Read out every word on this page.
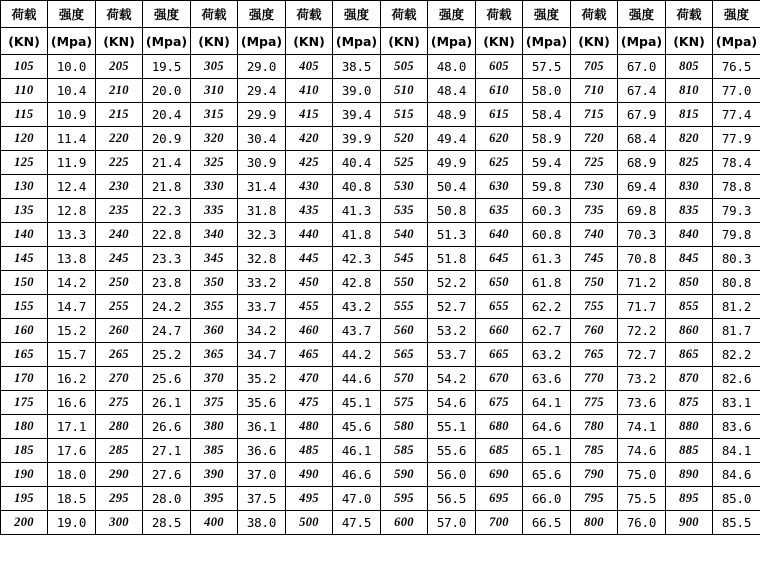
荷载	强度	荷载	强度	荷载	强度	荷载	强度	荷载	强度	荷载	强度	荷载	强度	荷载	强度
(KN)	(Mpa)	(KN)	(Mpa)	(KN)	(Mpa)	(KN)	(Mpa)	(KN)	(Mpa)	(KN)	(Mpa)	(KN)	(Mpa)	(KN)	(Mpa)
105	10.0	205	19.5	305	29.0	405	38.5	505	48.0	605	57.5	705	67.0	805	76.5
110	10.4	210	20.0	310	29.4	410	39.0	510	48.4	610	58.0	710	67.4	810	77.0
115	10.9	215	20.4	315	29.9	415	39.4	515	48.9	615	58.4	715	67.9	815	77.4
120	11.4	220	20.9	320	30.4	420	39.9	520	49.4	620	58.9	720	68.4	820	77.9
125	11.9	225	21.4	325	30.9	425	40.4	525	49.9	625	59.4	725	68.9	825	78.4
130	12.4	230	21.8	330	31.4	430	40.8	530	50.4	630	59.8	730	69.4	830	78.8
135	12.8	235	22.3	335	31.8	435	41.3	535	50.8	635	60.3	735	69.8	835	79.3
140	13.3	240	22.8	340	32.3	440	41.8	540	51.3	640	60.8	740	70.3	840	79.8
145	13.8	245	23.3	345	32.8	445	42.3	545	51.8	645	61.3	745	70.8	845	80.3
150	14.2	250	23.8	350	33.2	450	42.8	550	52.2	650	61.8	750	71.2	850	80.8
155	14.7	255	24.2	355	33.7	455	43.2	555	52.7	655	62.2	755	71.7	855	81.2
160	15.2	260	24.7	360	34.2	460	43.7	560	53.2	660	62.7	760	72.2	860	81.7
165	15.7	265	25.2	365	34.7	465	44.2	565	53.7	665	63.2	765	72.7	865	82.2
170	16.2	270	25.6	370	35.2	470	44.6	570	54.2	670	63.6	770	73.2	870	82.6
175	16.6	275	26.1	375	35.6	475	45.1	575	54.6	675	64.1	775	73.6	875	83.1
180	17.1	280	26.6	380	36.1	480	45.6	580	55.1	680	64.6	780	74.1	880	83.6
185	17.6	285	27.1	385	36.6	485	46.1	585	55.6	685	65.1	785	74.6	885	84.1
190	18.0	290	27.6	390	37.0	490	46.6	590	56.0	690	65.6	790	75.0	890	84.6
195	18.5	295	28.0	395	37.5	495	47.0	595	56.5	695	66.0	795	75.5	895	85.0
200	19.0	300	28.5	400	38.0	500	47.5	600	57.0	700	66.5	800	76.0	900	85.5
